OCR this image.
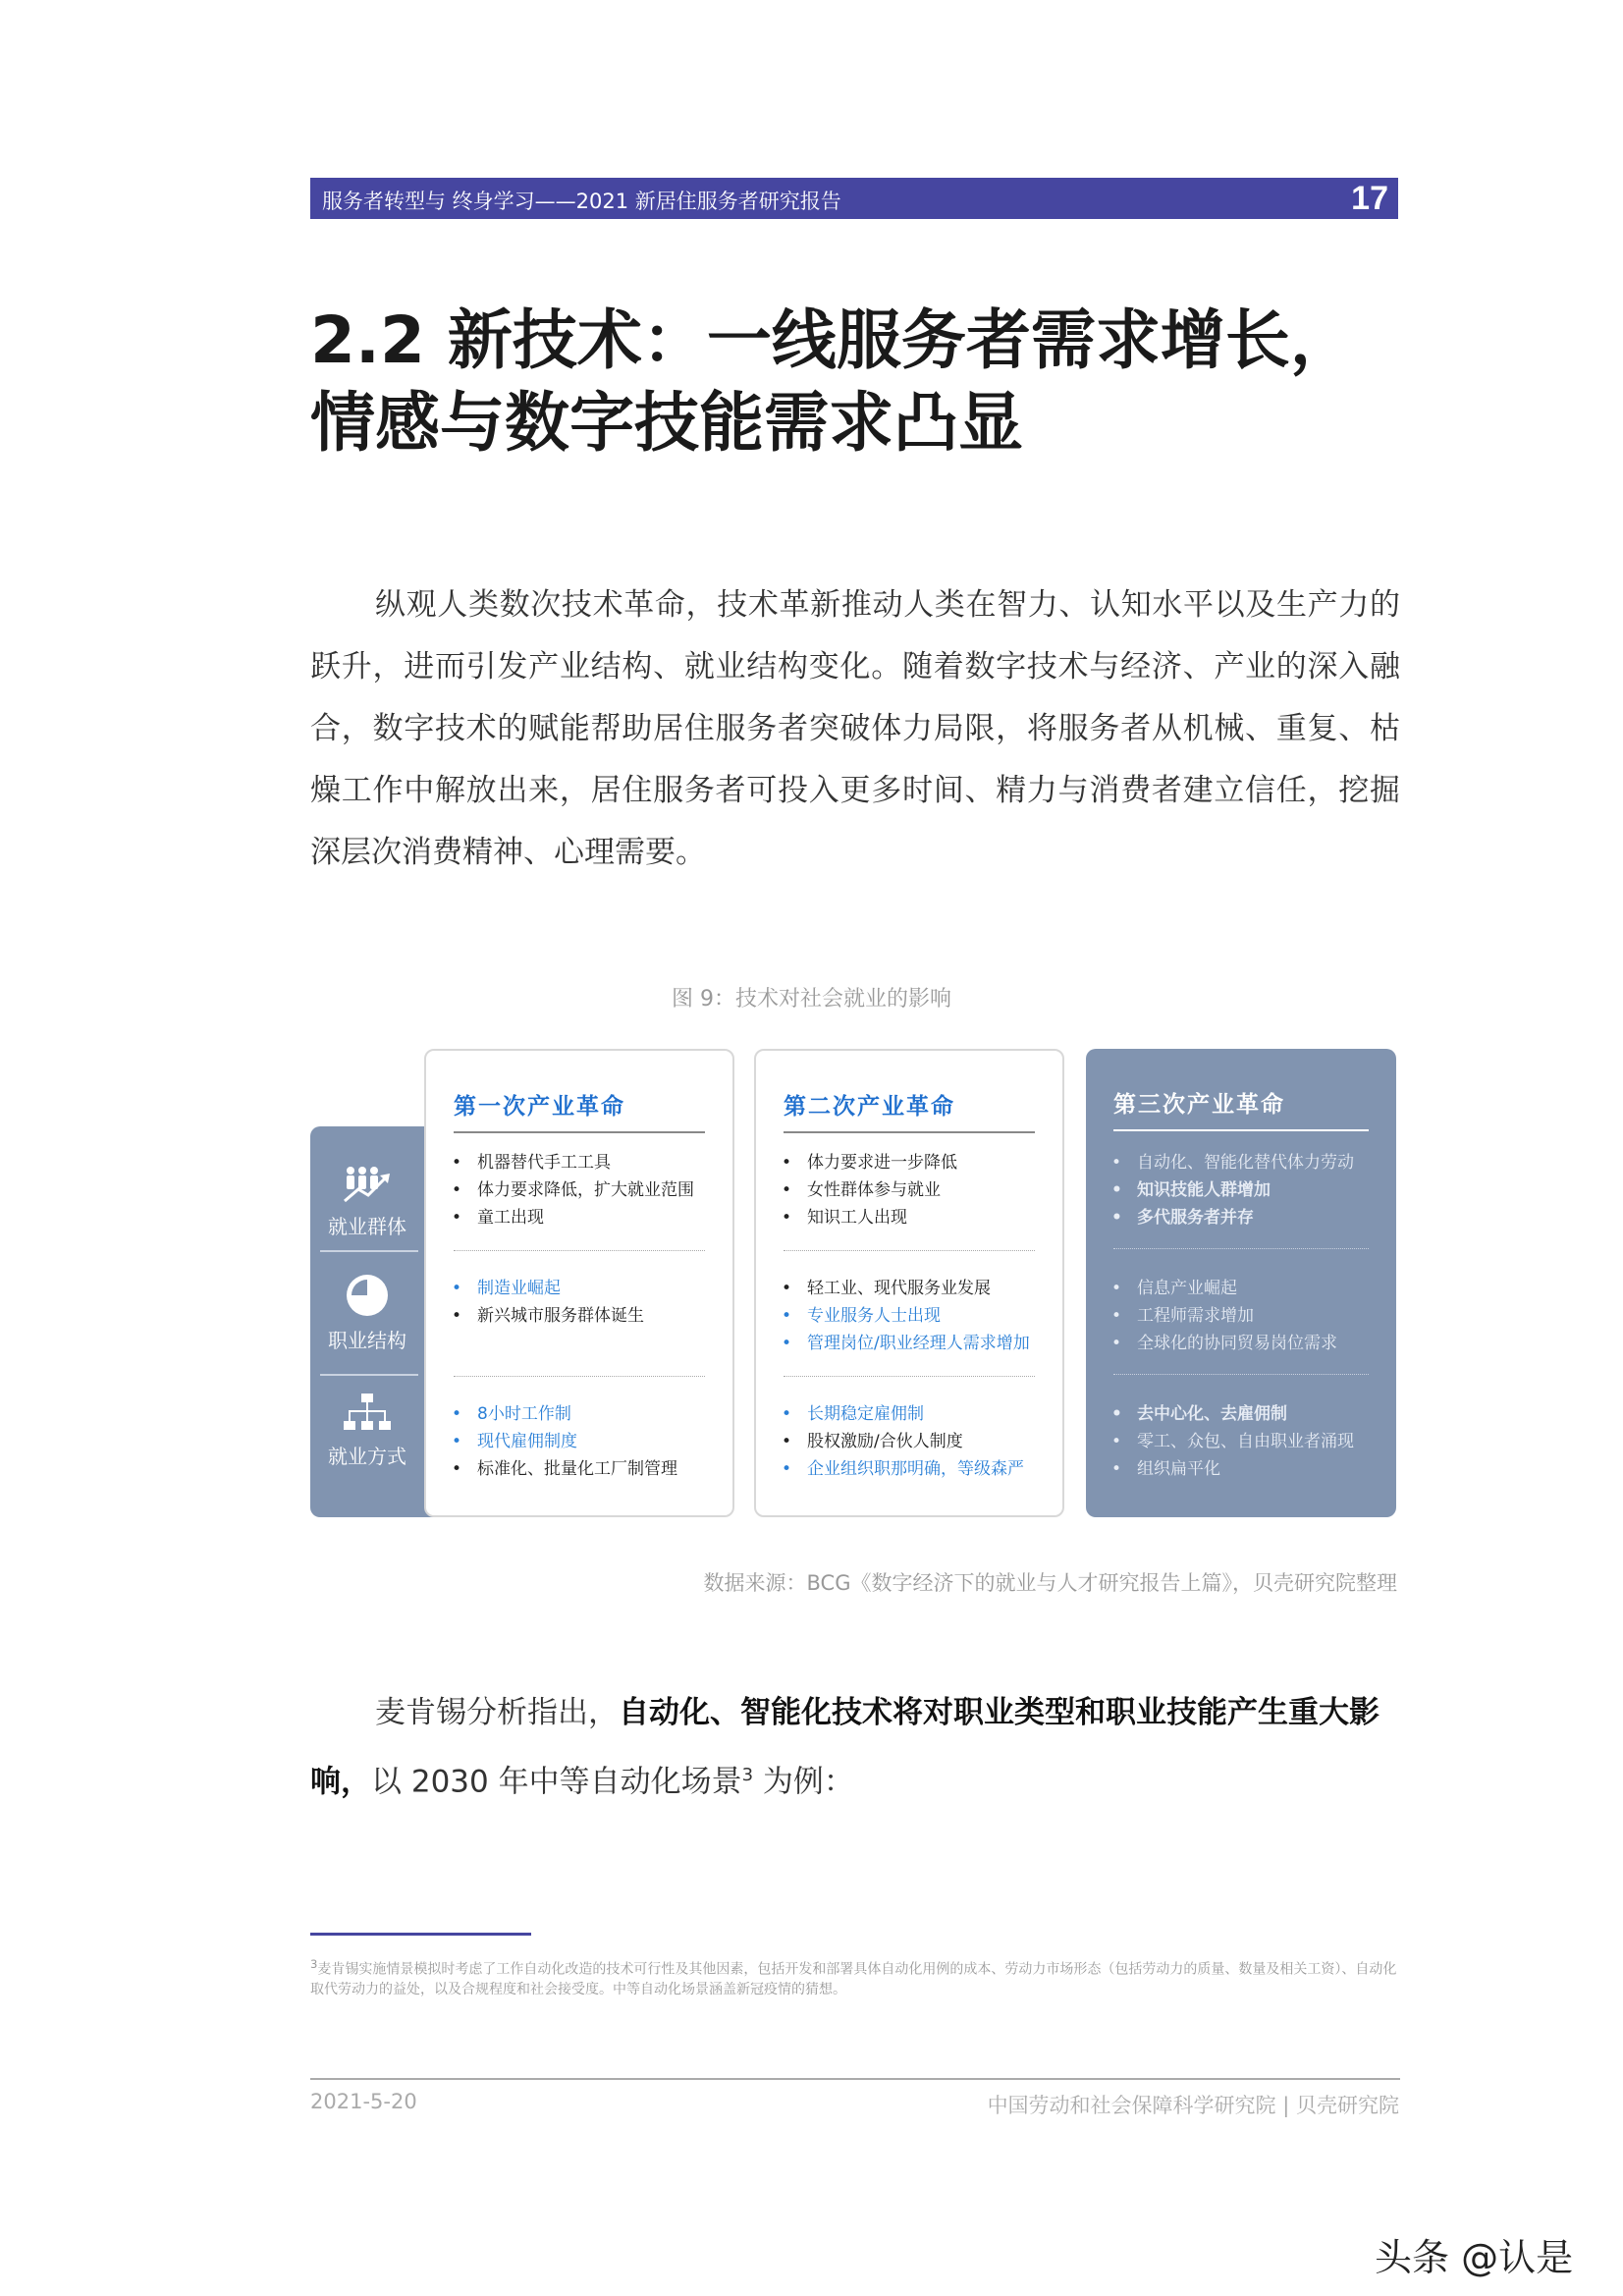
服务者转型与 终身学习——2021 新居住服务者研究报告	17
2.2 新技术：一线服务者需求增长，
情感与数字技能需求凸显

纵观人类数次技术革命，技术革新推动人类在智力、认知水平以及生产力的跃升，进而引发产业结构、就业结构变化。随着数字技术与经济、产业的深入融合，数字技术的赋能帮助居住服务者突破体力局限，将服务者从机械、重复、枯燥工作中解放出来，居住服务者可投入更多时间、精力与消费者建立信任，挖掘深层次消费精神、心理需要。

图 9：技术对社会就业的影响
就业群体
职业结构
就业方式
第一次产业革命
• 机器替代手工工具
• 体力要求降低，扩大就业范围
• 童工出现
• 制造业崛起
• 新兴城市服务群体诞生
• 8小时工作制
• 现代雇佣制度
• 标准化、批量化工厂制管理
第二次产业革命
• 体力要求进一步降低
• 女性群体参与就业
• 知识工人出现
• 轻工业、现代服务业发展
• 专业服务人士出现
• 管理岗位/职业经理人需求增加
• 长期稳定雇佣制
• 股权激励/合伙人制度
• 企业组织职那明确，等级森严
第三次产业革命
• 自动化、智能化替代体力劳动
• 知识技能人群增加
• 多代服务者并存
• 信息产业崛起
• 工程师需求增加
• 全球化的协同贸易岗位需求
• 去中心化、去雇佣制
• 零工、众包、自由职业者涌现
• 组织扁平化
数据来源：BCG《数字经济下的就业与人才研究报告上篇》，贝壳研究院整理

麦肯锡分析指出，自动化、智能化技术将对职业类型和职业技能产生重大影响，以 2030 年中等自动化场景$^3$ 为例：

$^3$麦肯锡实施情景模拟时考虑了工作自动化改造的技术可行性及其他因素，包括开发和部署具体自动化用例的成本、劳动力市场形态（包括劳动力的质量、数量及相关工资）、自动化取代劳动力的益处，以及合规程度和社会接受度。中等自动化场景涵盖新冠疫情的猜想。

2021-5-20	中国劳动和社会保障科学研究院 | 贝壳研究院
头条 @认是
